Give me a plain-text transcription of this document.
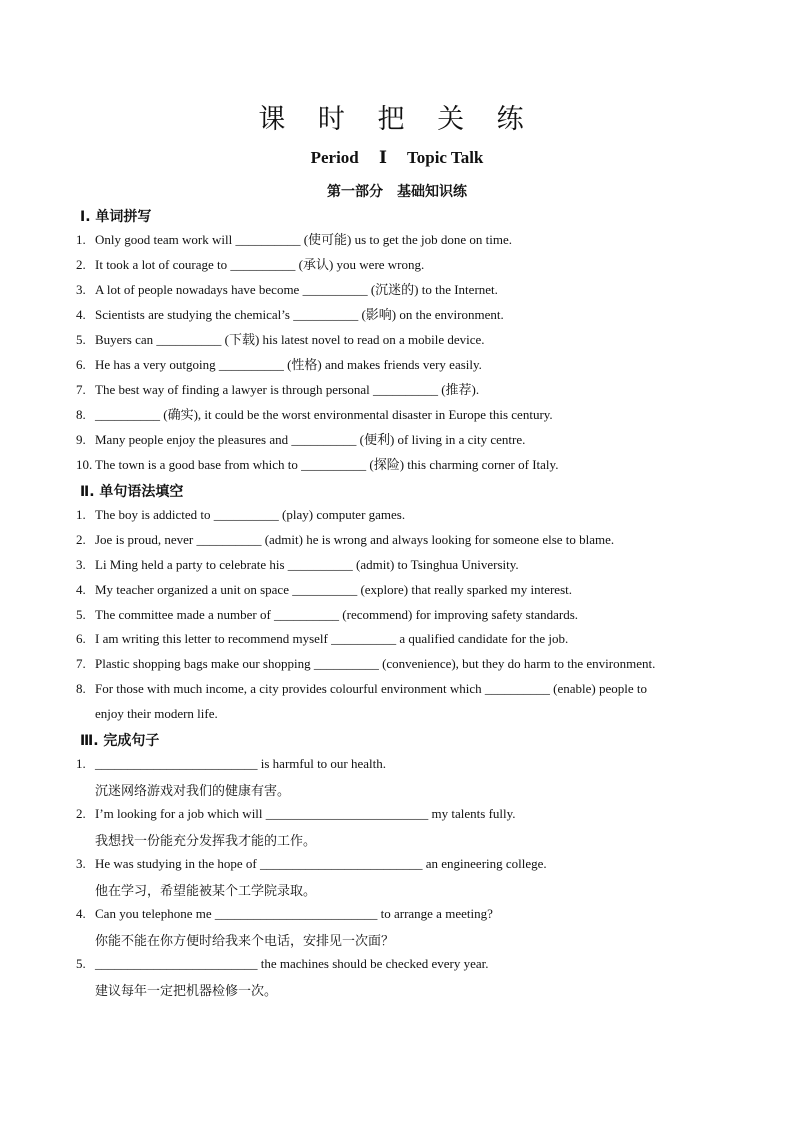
课 时 把 关 练
Period Ⅰ Topic Talk
第一部分　基础知识练
Ⅰ. 单词拼写
1. Only good team work will __________ (使可能) us to get the job done on time.
2. It took a lot of courage to __________ (承认) you were wrong.
3. A lot of people nowadays have become __________ (沉迷的) to the Internet.
4. Scientists are studying the chemical’s __________ (影响) on the environment.
5. Buyers can __________ (下载) his latest novel to read on a mobile device.
6. He has a very outgoing __________ (性格) and makes friends very easily.
7. The best way of finding a lawyer is through personal __________ (推荐).
8. __________ (确实), it could be the worst environmental disaster in Europe this century.
9. Many people enjoy the pleasures and __________ (便利) of living in a city centre.
10. The town is a good base from which to __________ (探险) this charming corner of Italy.
Ⅱ. 单句语法填空
1. The boy is addicted to __________ (play) computer games.
2. Joe is proud, never __________ (admit) he is wrong and always looking for someone else to blame.
3. Li Ming held a party to celebrate his __________ (admit) to Tsinghua University.
4. My teacher organized a unit on space __________ (explore) that really sparked my interest.
5. The committee made a number of __________ (recommend) for improving safety standards.
6. I am writing this letter to recommend myself __________ a qualified candidate for the job.
7. Plastic shopping bags make our shopping __________ (convenience), but they do harm to the environment.
8. For those with much income, a city provides colourful environment which __________ (enable) people to
enjoy their modern life.
Ⅲ. 完成句子
1. _________________________ is harmful to our health.
沉迷网络游戏对我们的健康有害。
2. I’m looking for a job which will _________________________ my talents fully.
我想找一份能充分发挥我才能的工作。
3. He was studying in the hope of _________________________ an engineering college.
他在学习，希望能被某个工学院录取。
4. Can you telephone me _________________________ to arrange a meeting?
你能不能在你方便时给我来个电话，安排见一次面？
5. _________________________ the machines should be checked every year.
建议每年一定把机器检修一次。
